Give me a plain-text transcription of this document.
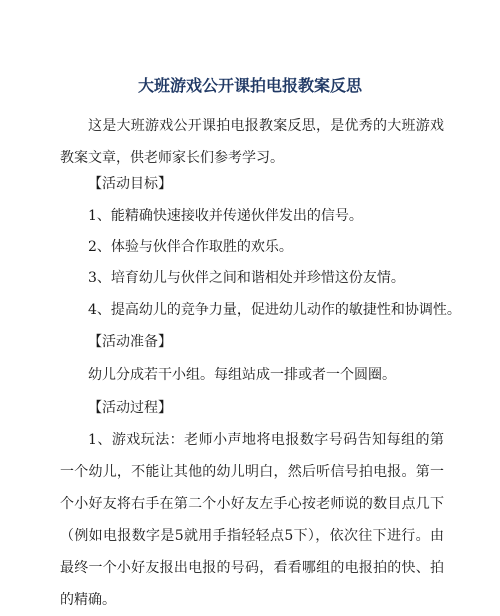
大班游戏公开课拍电报教案反思

这是大班游戏公开课拍电报教案反思，是优秀的大班游戏教案文章，供老师家长们参考学习。

【活动目标】

1、能精确快速接收并传递伙伴发出的信号。

2、体验与伙伴合作取胜的欢乐。

3、培育幼儿与伙伴之间和谐相处并珍惜这份友情。

4、提高幼儿的竞争力量，促进幼儿动作的敏捷性和协调性。

【活动准备】

幼儿分成若干小组。每组站成一排或者一个圆圈。

【活动过程】

1、游戏玩法：老师小声地将电报数字号码告知每组的第一个幼儿，不能让其他的幼儿明白，然后听信号拍电报。第一个小好友将右手在第二个小好友左手心按老师说的数目点几下（例如电报数字是5就用手指轻轻点5下），依次往下进行。由最终一个小好友报出电报的号码，看看哪组的电报拍的快、拍的精确。
